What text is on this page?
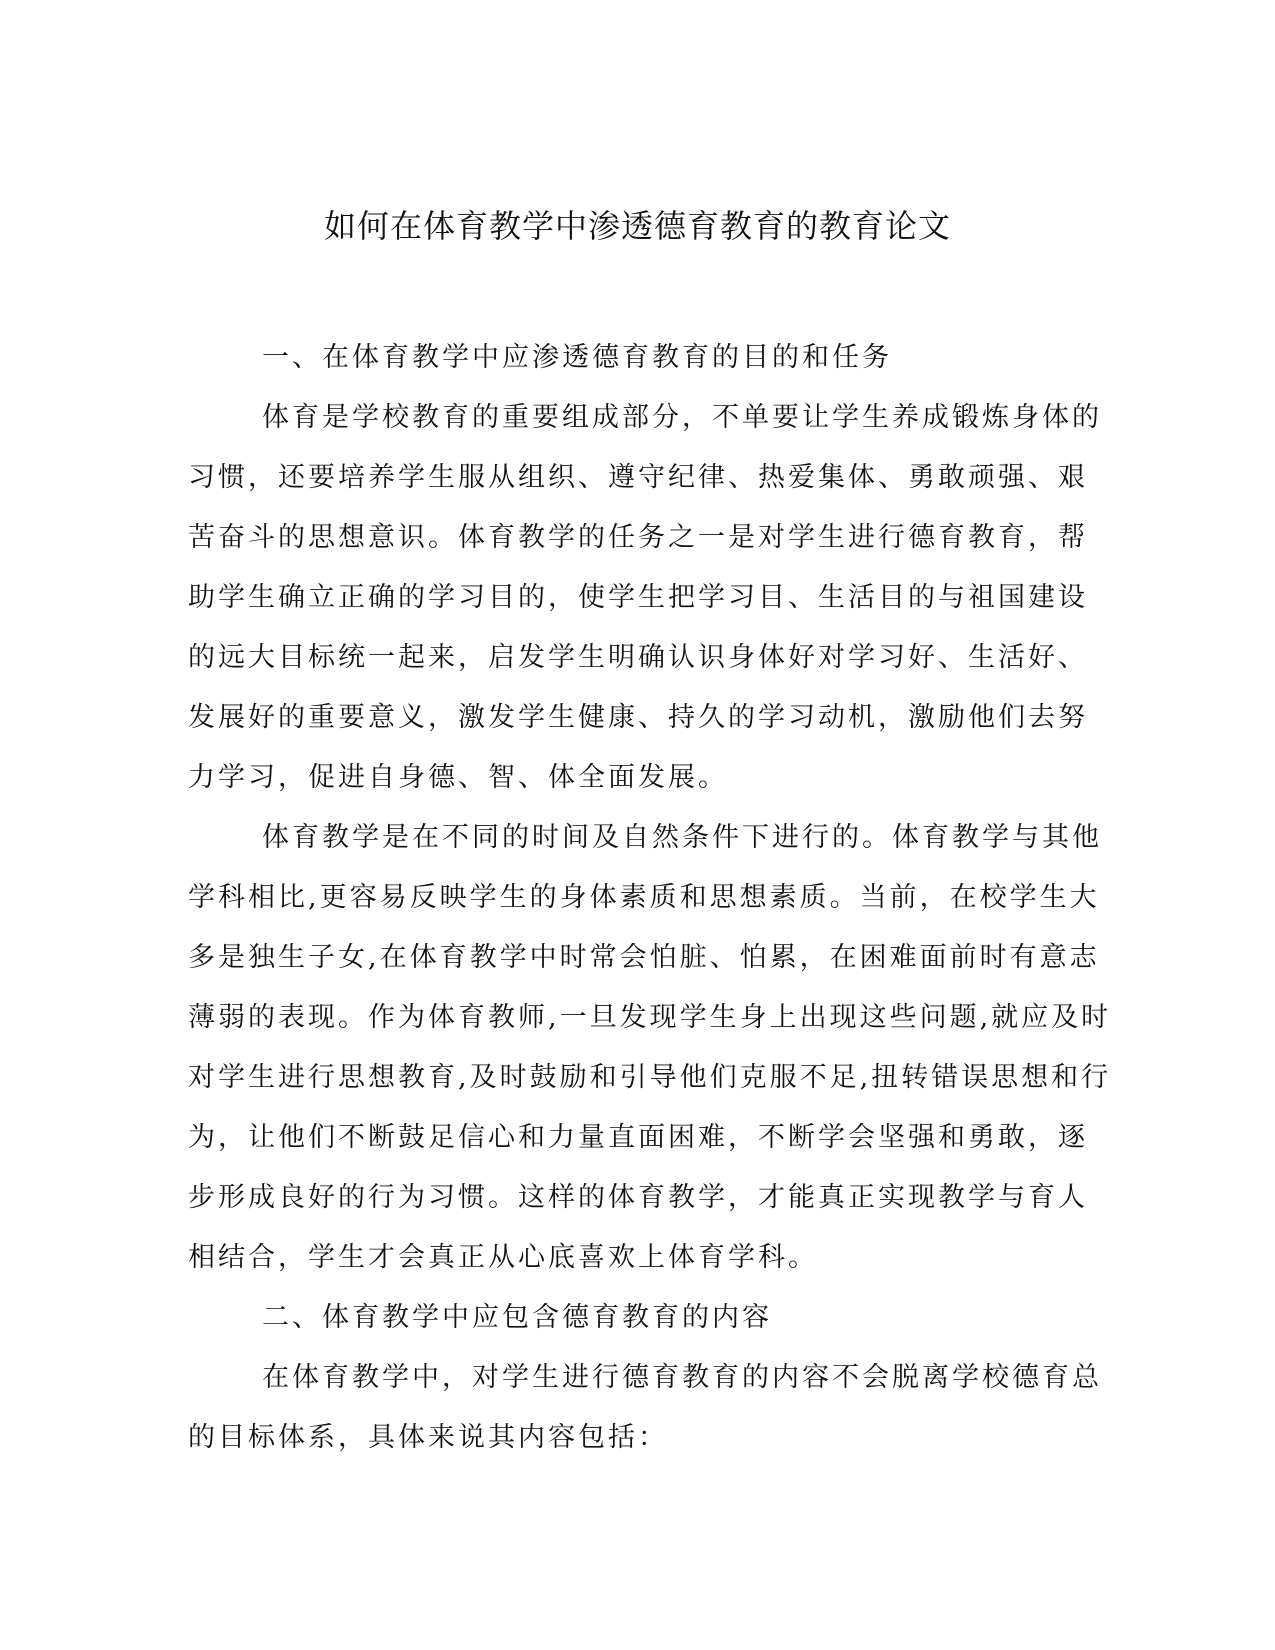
如何在体育教学中渗透德育教育的教育论文

一、在体育教学中应渗透德育教育的目的和任务

体育是学校教育的重要组成部分，不单要让学生养成锻炼身体的
习惯，还要培养学生服从组织、遵守纪律、热爱集体、勇敢顽强、艰
苦奋斗的思想意识。体育教学的任务之一是对学生进行德育教育，帮
助学生确立正确的学习目的，使学生把学习目、生活目的与祖国建设
的远大目标统一起来，启发学生明确认识身体好对学习好、生活好、
发展好的重要意义，激发学生健康、持久的学习动机，激励他们去努
力学习，促进自身德、智、体全面发展。

体育教学是在不同的时间及自然条件下进行的。体育教学与其他
学科相比,更容易反映学生的身体素质和思想素质。当前，在校学生大
多是独生子女,在体育教学中时常会怕脏、怕累，在困难面前时有意志
薄弱的表现。作为体育教师,一旦发现学生身上出现这些问题,就应及时
对学生进行思想教育,及时鼓励和引导他们克服不足,扭转错误思想和行
为，让他们不断鼓足信心和力量直面困难，不断学会坚强和勇敢，逐
步形成良好的行为习惯。这样的体育教学，才能真正实现教学与育人
相结合，学生才会真正从心底喜欢上体育学科。

二、体育教学中应包含德育教育的内容

在体育教学中，对学生进行德育教育的内容不会脱离学校德育总
的目标体系，具体来说其内容包括：
